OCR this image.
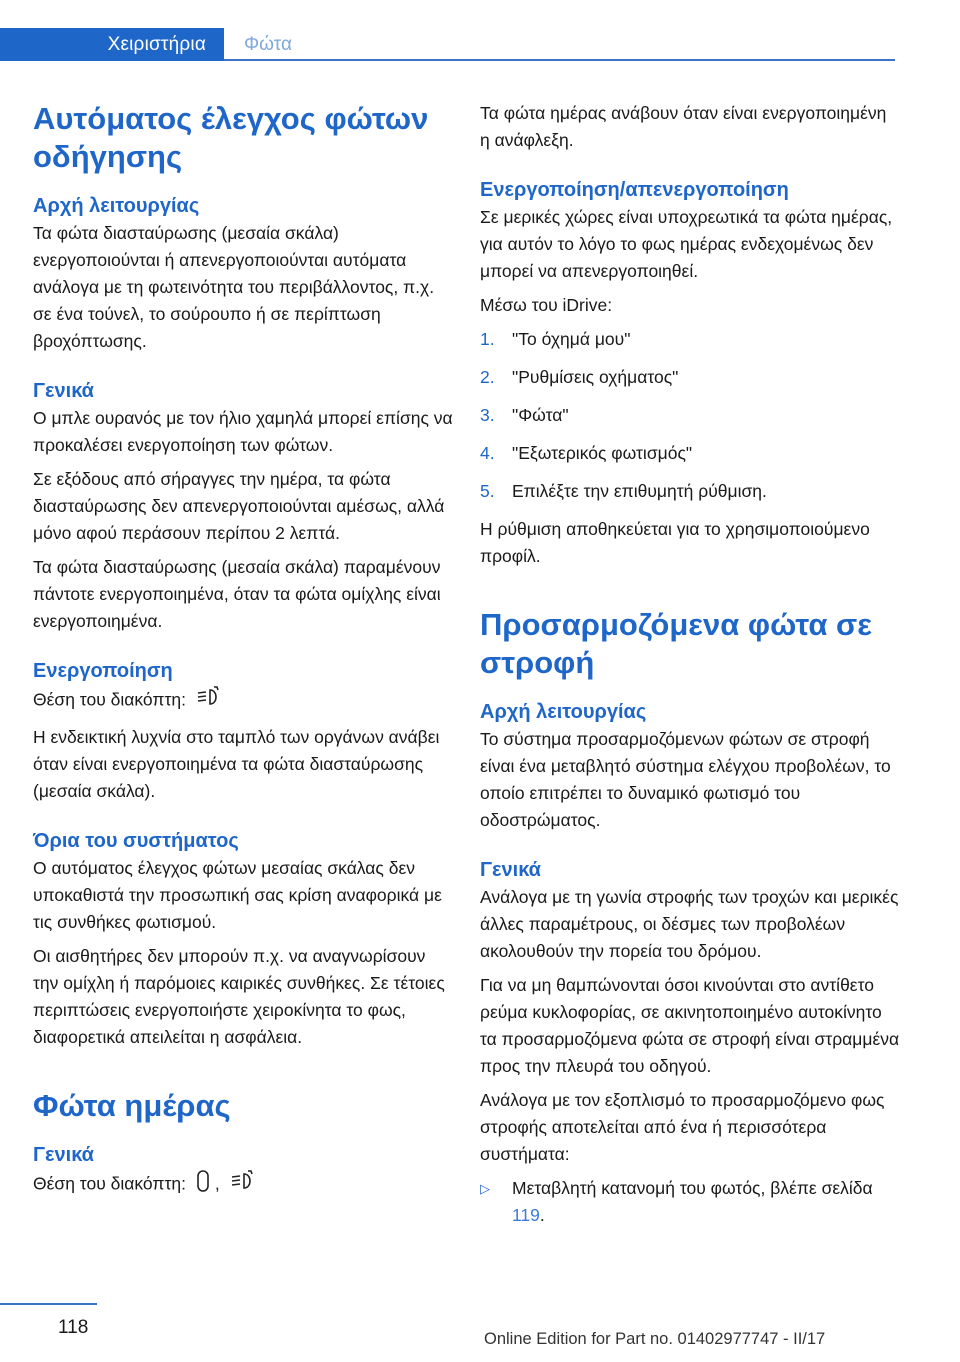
Χειριστήρια	Φώτα
Αυτόματος έλεγχος φώτων οδήγησης
Αρχή λειτουργίας

Τα φώτα διασταύρωσης (μεσαία σκάλα) ενεργοποιούνται ή απενεργοποιούνται αυτόματα ανάλογα με τη φωτεινότητα του περιβάλλοντος, π.χ. σε ένα τούνελ, το σούρουπο ή σε περίπτωση βροχόπτωσης.

Γενικά

Ο μπλε ουρανός με τον ήλιο χαμηλά μπορεί επίσης να προκαλέσει ενεργοποίηση των φώτων.

Σε εξόδους από σήραγγες την ημέρα, τα φώτα διασταύρωσης δεν απενεργοποιούνται αμέσως, αλλά μόνο αφού περάσουν περίπου 2 λεπτά.

Τα φώτα διασταύρωσης (μεσαία σκάλα) παραμένουν πάντοτε ενεργοποιημένα, όταν τα φώτα ομίχλης είναι ενεργοποιημένα.

Ενεργοποίηση

Θέση του διακόπτη:

Η ενδεικτική λυχνία στο ταμπλό των οργάνων ανάβει όταν είναι ενεργοποιημένα τα φώτα διασταύρωσης (μεσαία σκάλα).

Όρια του συστήματος

Ο αυτόματος έλεγχος φώτων μεσαίας σκάλας δεν υποκαθιστά την προσωπική σας κρίση αναφορικά με τις συνθήκες φωτισμού.

Οι αισθητήρες δεν μπορούν π.χ. να αναγνωρίσουν την ομίχλη ή παρόμοιες καιρικές συνθήκες. Σε τέτοιες περιπτώσεις ενεργοποιήστε χειροκίνητα το φως, διαφορετικά απειλείται η ασφάλεια.

Φώτα ημέρας
Γενικά

Θέση του διακόπτη: ,

Τα φώτα ημέρας ανάβουν όταν είναι ενεργοποιημένη η ανάφλεξη.

Ενεργοποίηση/απενεργοποίηση

Σε μερικές χώρες είναι υποχρεωτικά τα φώτα ημέρας, για αυτόν το λόγο το φως ημέρας ενδεχομένως δεν μπορεί να απενεργοποιηθεί.

Μέσω του iDrive:

1. "Το όχημά μου"
2. "Ρυθμίσεις οχήματος"
3. "Φώτα"
4. "Εξωτερικός φωτισμός"
5. Επιλέξτε την επιθυμητή ρύθμιση.

Η ρύθμιση αποθηκεύεται για το χρησιμοποιούμενο προφίλ.

Προσαρμοζόμενα φώτα σε στροφή
Αρχή λειτουργίας

Το σύστημα προσαρμοζόμενων φώτων σε στροφή είναι ένα μεταβλητό σύστημα ελέγχου προβολέων, το οποίο επιτρέπει το δυναμικό φωτισμό του οδοστρώματος.

Γενικά

Ανάλογα με τη γωνία στροφής των τροχών και μερικές άλλες παραμέτρους, οι δέσμες των προβολέων ακολουθούν την πορεία του δρόμου.

Για να μη θαμπώνονται όσοι κινούνται στο αντίθετο ρεύμα κυκλοφορίας, σε ακινητοποιημένο αυτοκίνητο τα προσαρμοζόμενα φώτα σε στροφή είναι στραμμένα προς την πλευρά του οδηγού.

Ανάλογα με τον εξοπλισμό το προσαρμοζόμενο φως στροφής αποτελείται από ένα ή περισσότερα συστήματα:

▷	Μεταβλητή κατανομή του φωτός, βλέπε σελίδα 119.
118
Online Edition for Part no. 01402977747 - II/17
